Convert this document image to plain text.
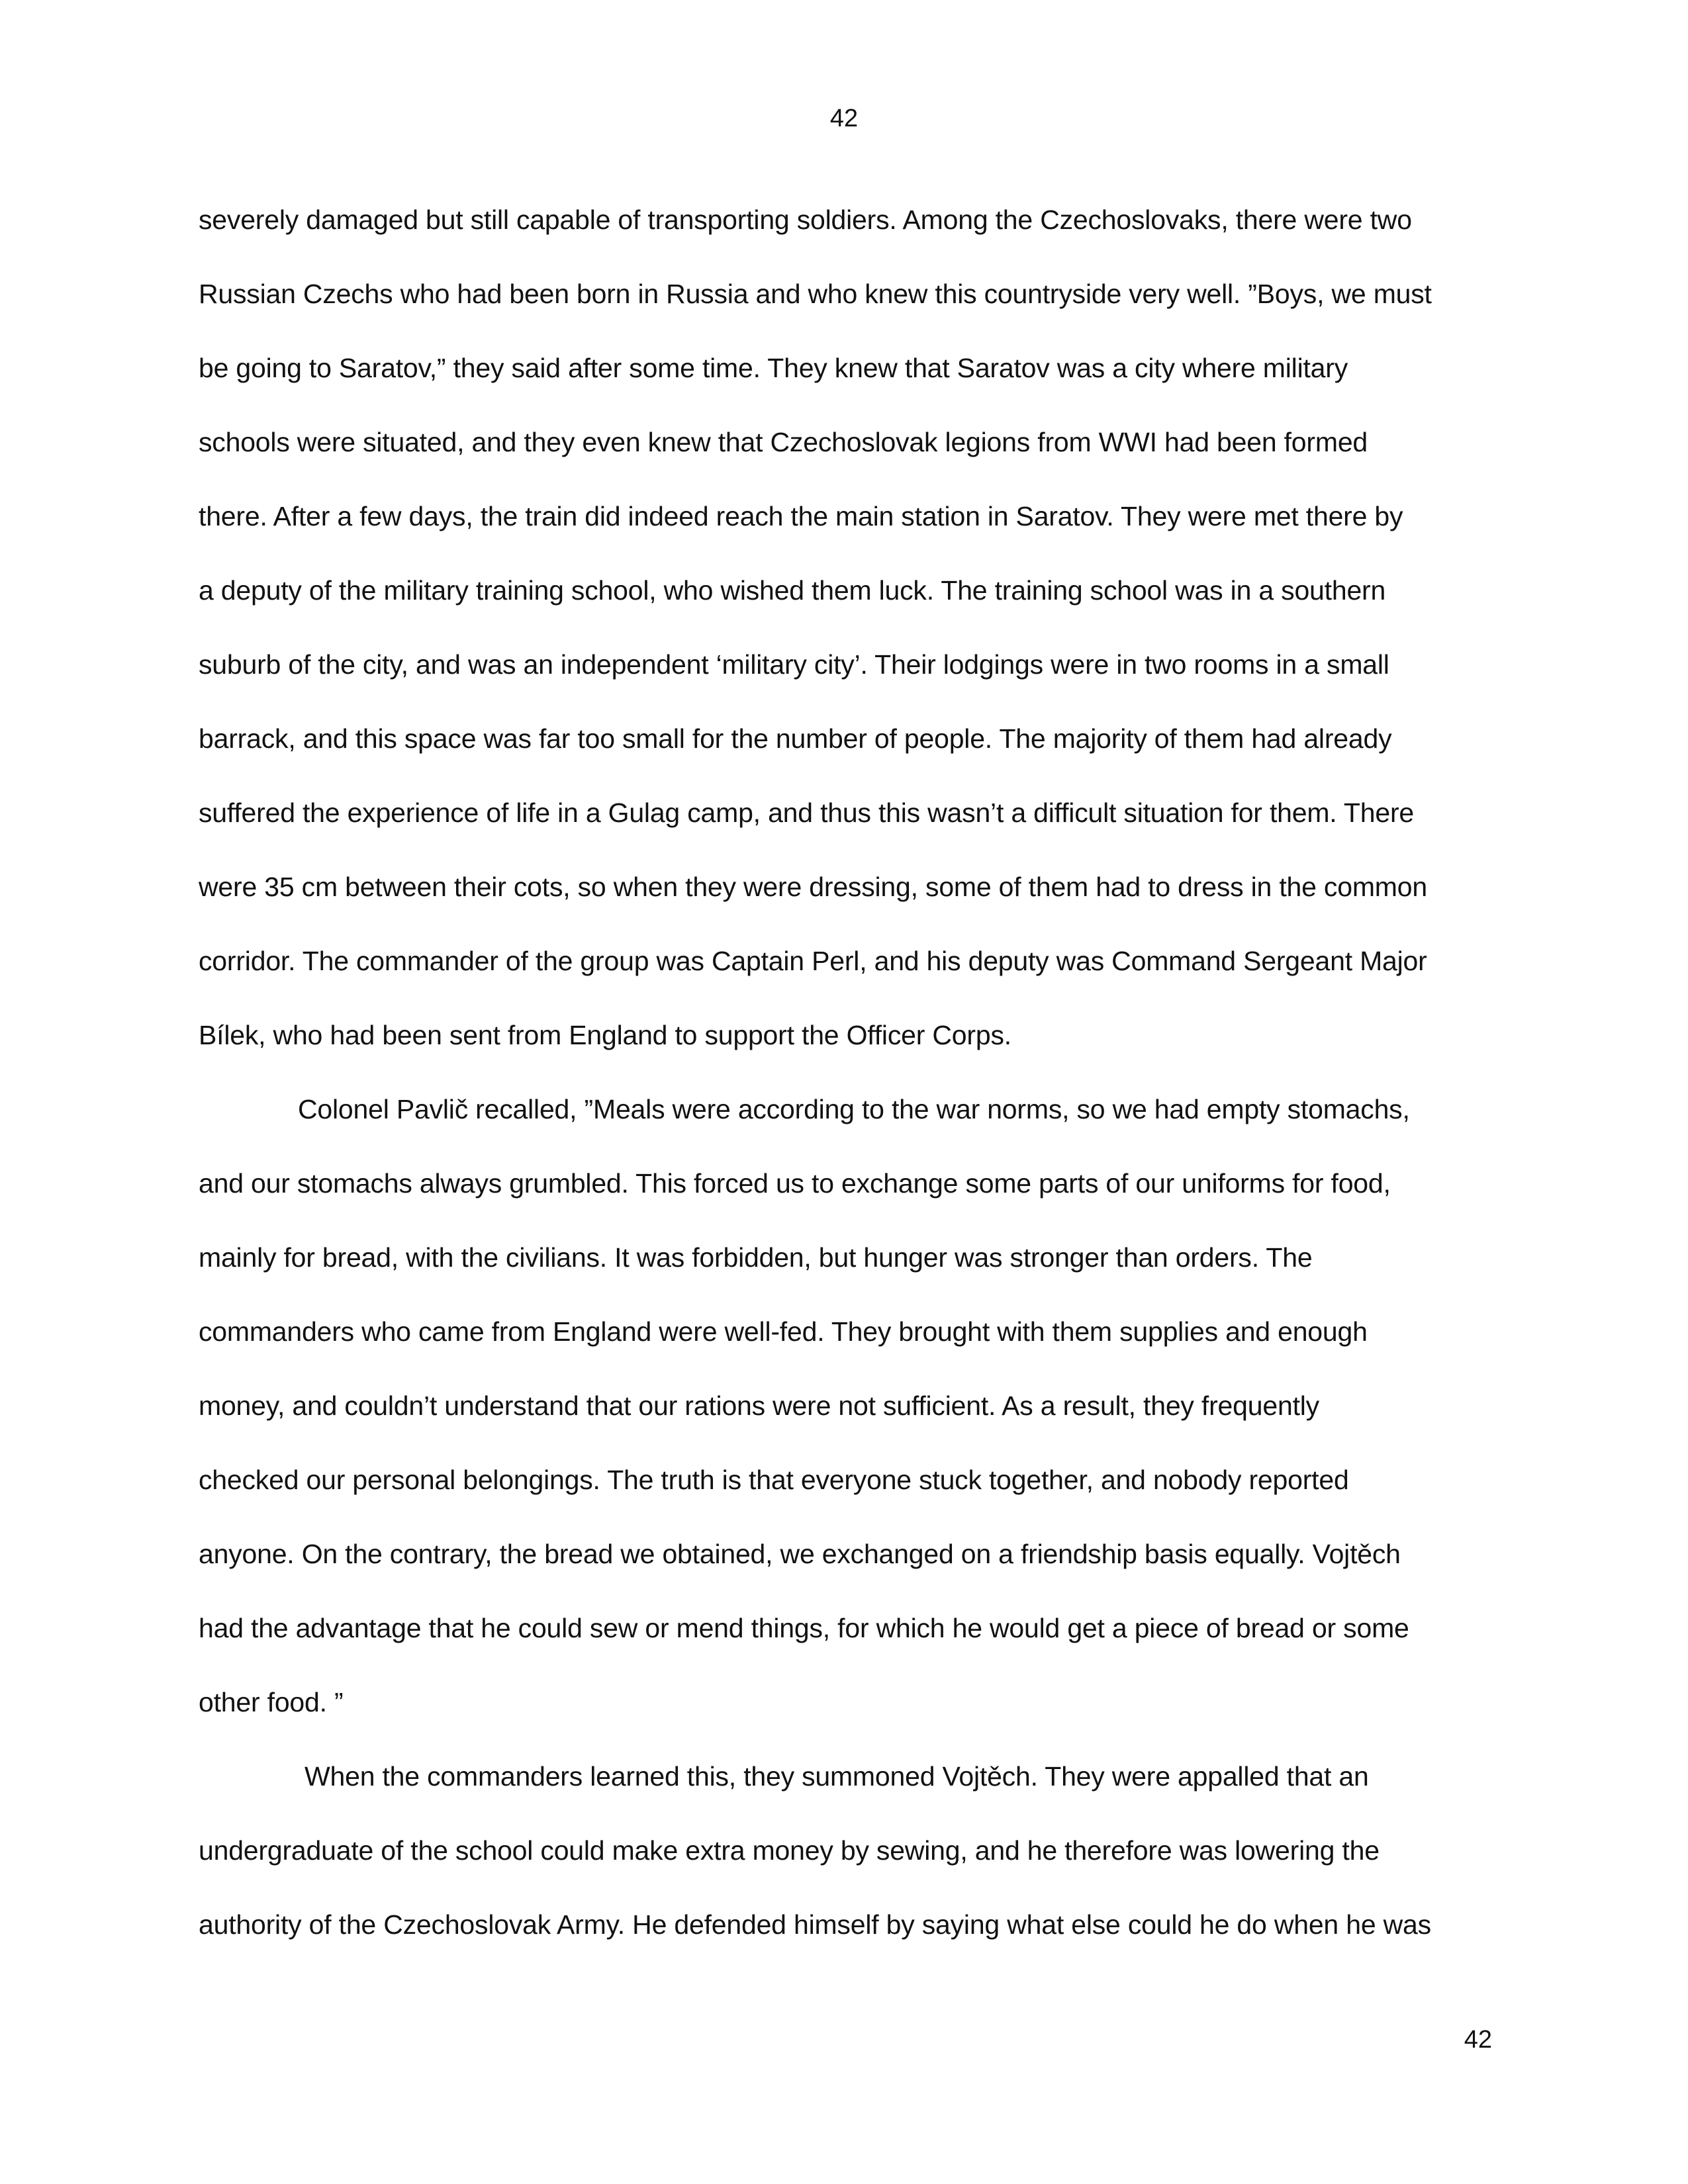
42
severely damaged but still capable of transporting soldiers. Among the Czechoslovaks, there were two
Russian Czechs who had been born in Russia and who knew this countryside very well. ”Boys, we must
be going to Saratov,” they said after some time. They knew that Saratov was a city where military
schools were situated, and they even knew that Czechoslovak legions from WWI had been formed
there. After a few days, the train did indeed reach the main station in Saratov. They were met there by
a deputy of the military training school, who wished them luck. The training school was in a southern
suburb of the city, and was an independent ‘military city’. Their lodgings were in two rooms in a small
barrack, and this space was far too small for the number of people. The majority of them had already
suffered the experience of life in a Gulag camp, and thus this wasn’t a difficult situation for them. There
were 35 cm between their cots, so when they were dressing, some of them had to dress in the common
corridor. The commander of the group was Captain Perl, and his deputy was Command Sergeant Major
Bílek, who had been sent from England to support the Officer Corps.
Colonel Pavlič recalled, ”Meals were according to the war norms, so we had empty stomachs,
and our stomachs always grumbled. This forced us to exchange some parts of our uniforms for food,
mainly for bread, with the civilians. It was forbidden, but hunger was stronger than orders. The
commanders who came from England were well-fed. They brought with them supplies and enough
money, and couldn’t understand that our rations were not sufficient. As a result, they frequently
checked our personal belongings. The truth is that everyone stuck together, and nobody reported
anyone. On the contrary, the bread we obtained, we exchanged on a friendship basis equally. Vojtěch
had the advantage that he could sew or mend things, for which he would get a piece of bread or some
other food. ”
When the commanders learned this, they summoned Vojtěch. They were appalled that an
undergraduate of the school could make extra money by sewing, and he therefore was lowering the
authority of the Czechoslovak Army. He defended himself by saying what else could he do when he was
42
